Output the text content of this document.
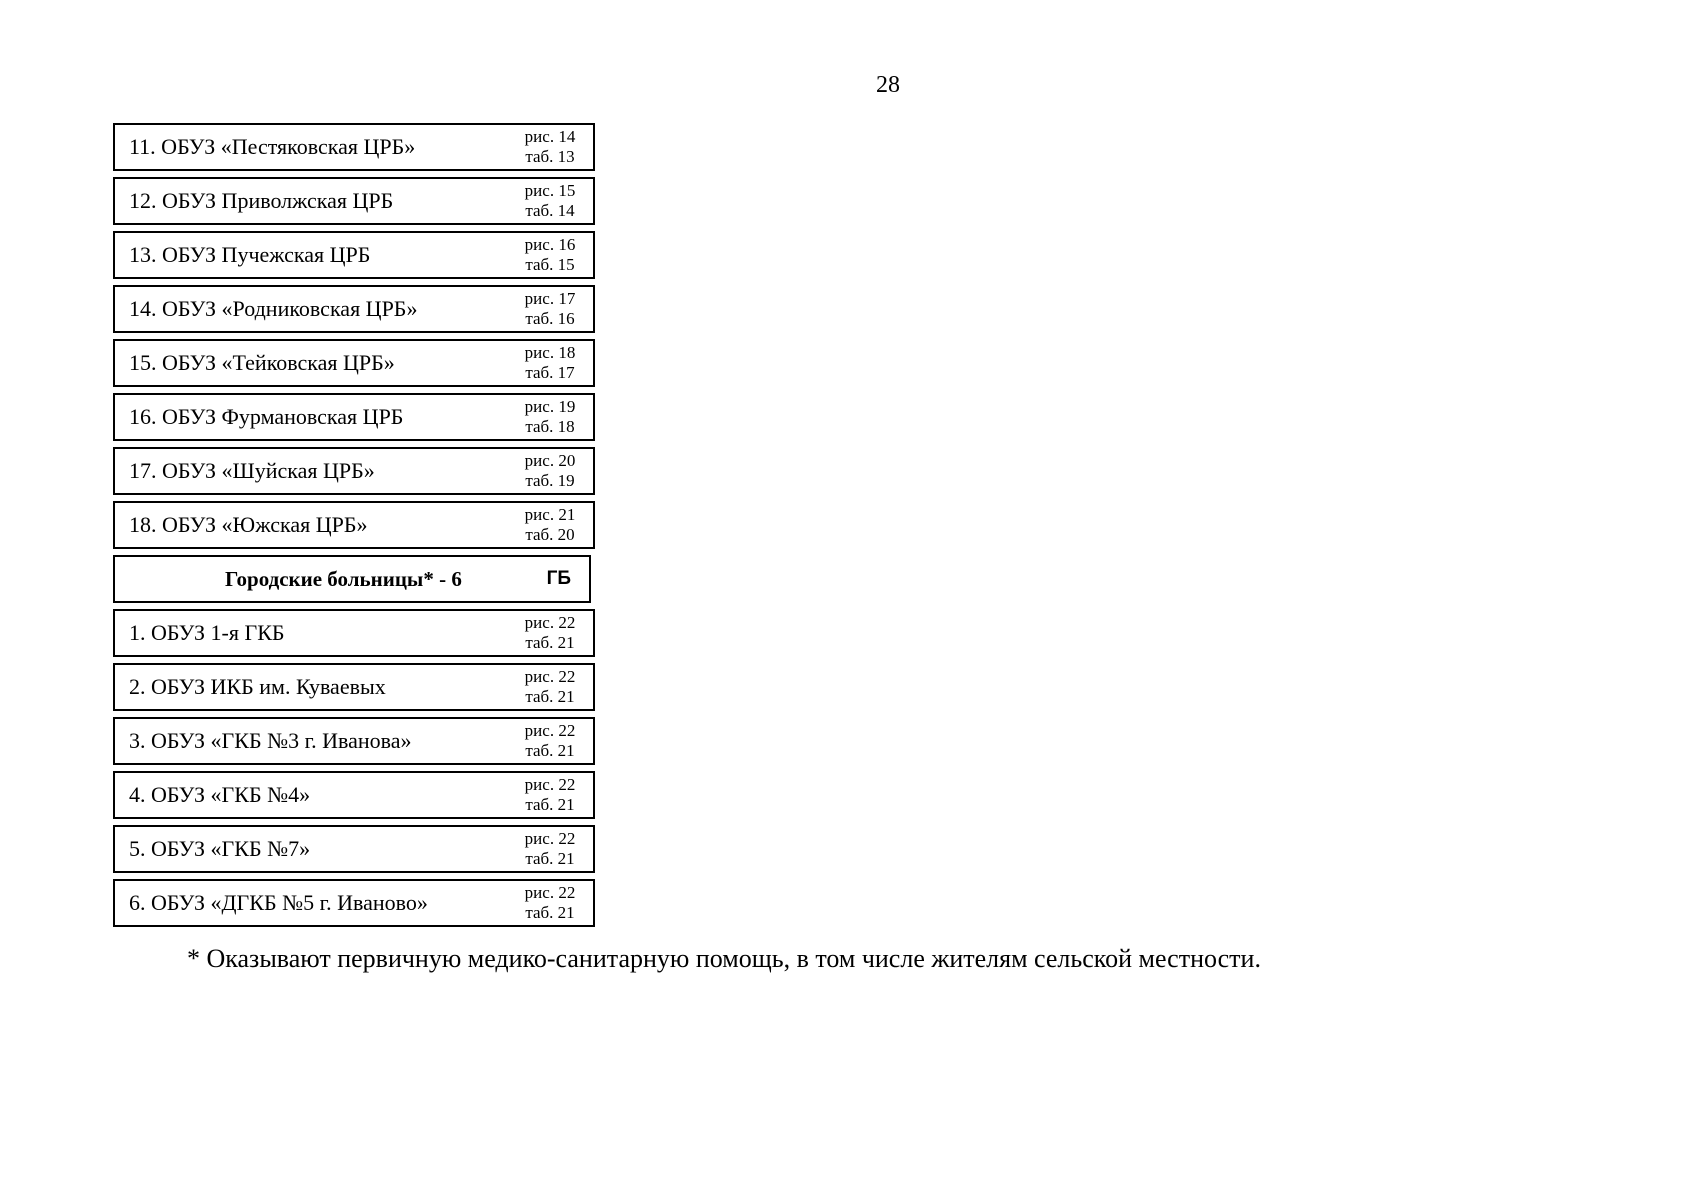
28
11. ОБУЗ «Пестяковская ЦРБ»	рис. 14
таб. 13
12. ОБУЗ Приволжская ЦРБ	рис. 15
таб. 14
13. ОБУЗ Пучежская ЦРБ	рис. 16
таб. 15
14. ОБУЗ «Родниковская ЦРБ»	рис. 17
таб. 16
15. ОБУЗ «Тейковская ЦРБ»	рис. 18
таб. 17
16. ОБУЗ Фурмановская ЦРБ	рис. 19
таб. 18
17. ОБУЗ «Шуйская ЦРБ»	рис. 20
таб. 19
18. ОБУЗ «Южская ЦРБ»	рис. 21
таб. 20
Городские больницы* - 6	ГБ
1. ОБУЗ 1-я ГКБ	рис. 22
таб. 21
2. ОБУЗ ИКБ им. Куваевых	рис. 22
таб. 21
3. ОБУЗ «ГКБ №3 г. Иванова»	рис. 22
таб. 21
4. ОБУЗ «ГКБ №4»	рис. 22
таб. 21
5. ОБУЗ «ГКБ №7»	рис. 22
таб. 21
6. ОБУЗ «ДГКБ №5 г. Иваново»	рис. 22
таб. 21
* Оказывают первичную медико-санитарную помощь, в том числе жителям сельской местности.
